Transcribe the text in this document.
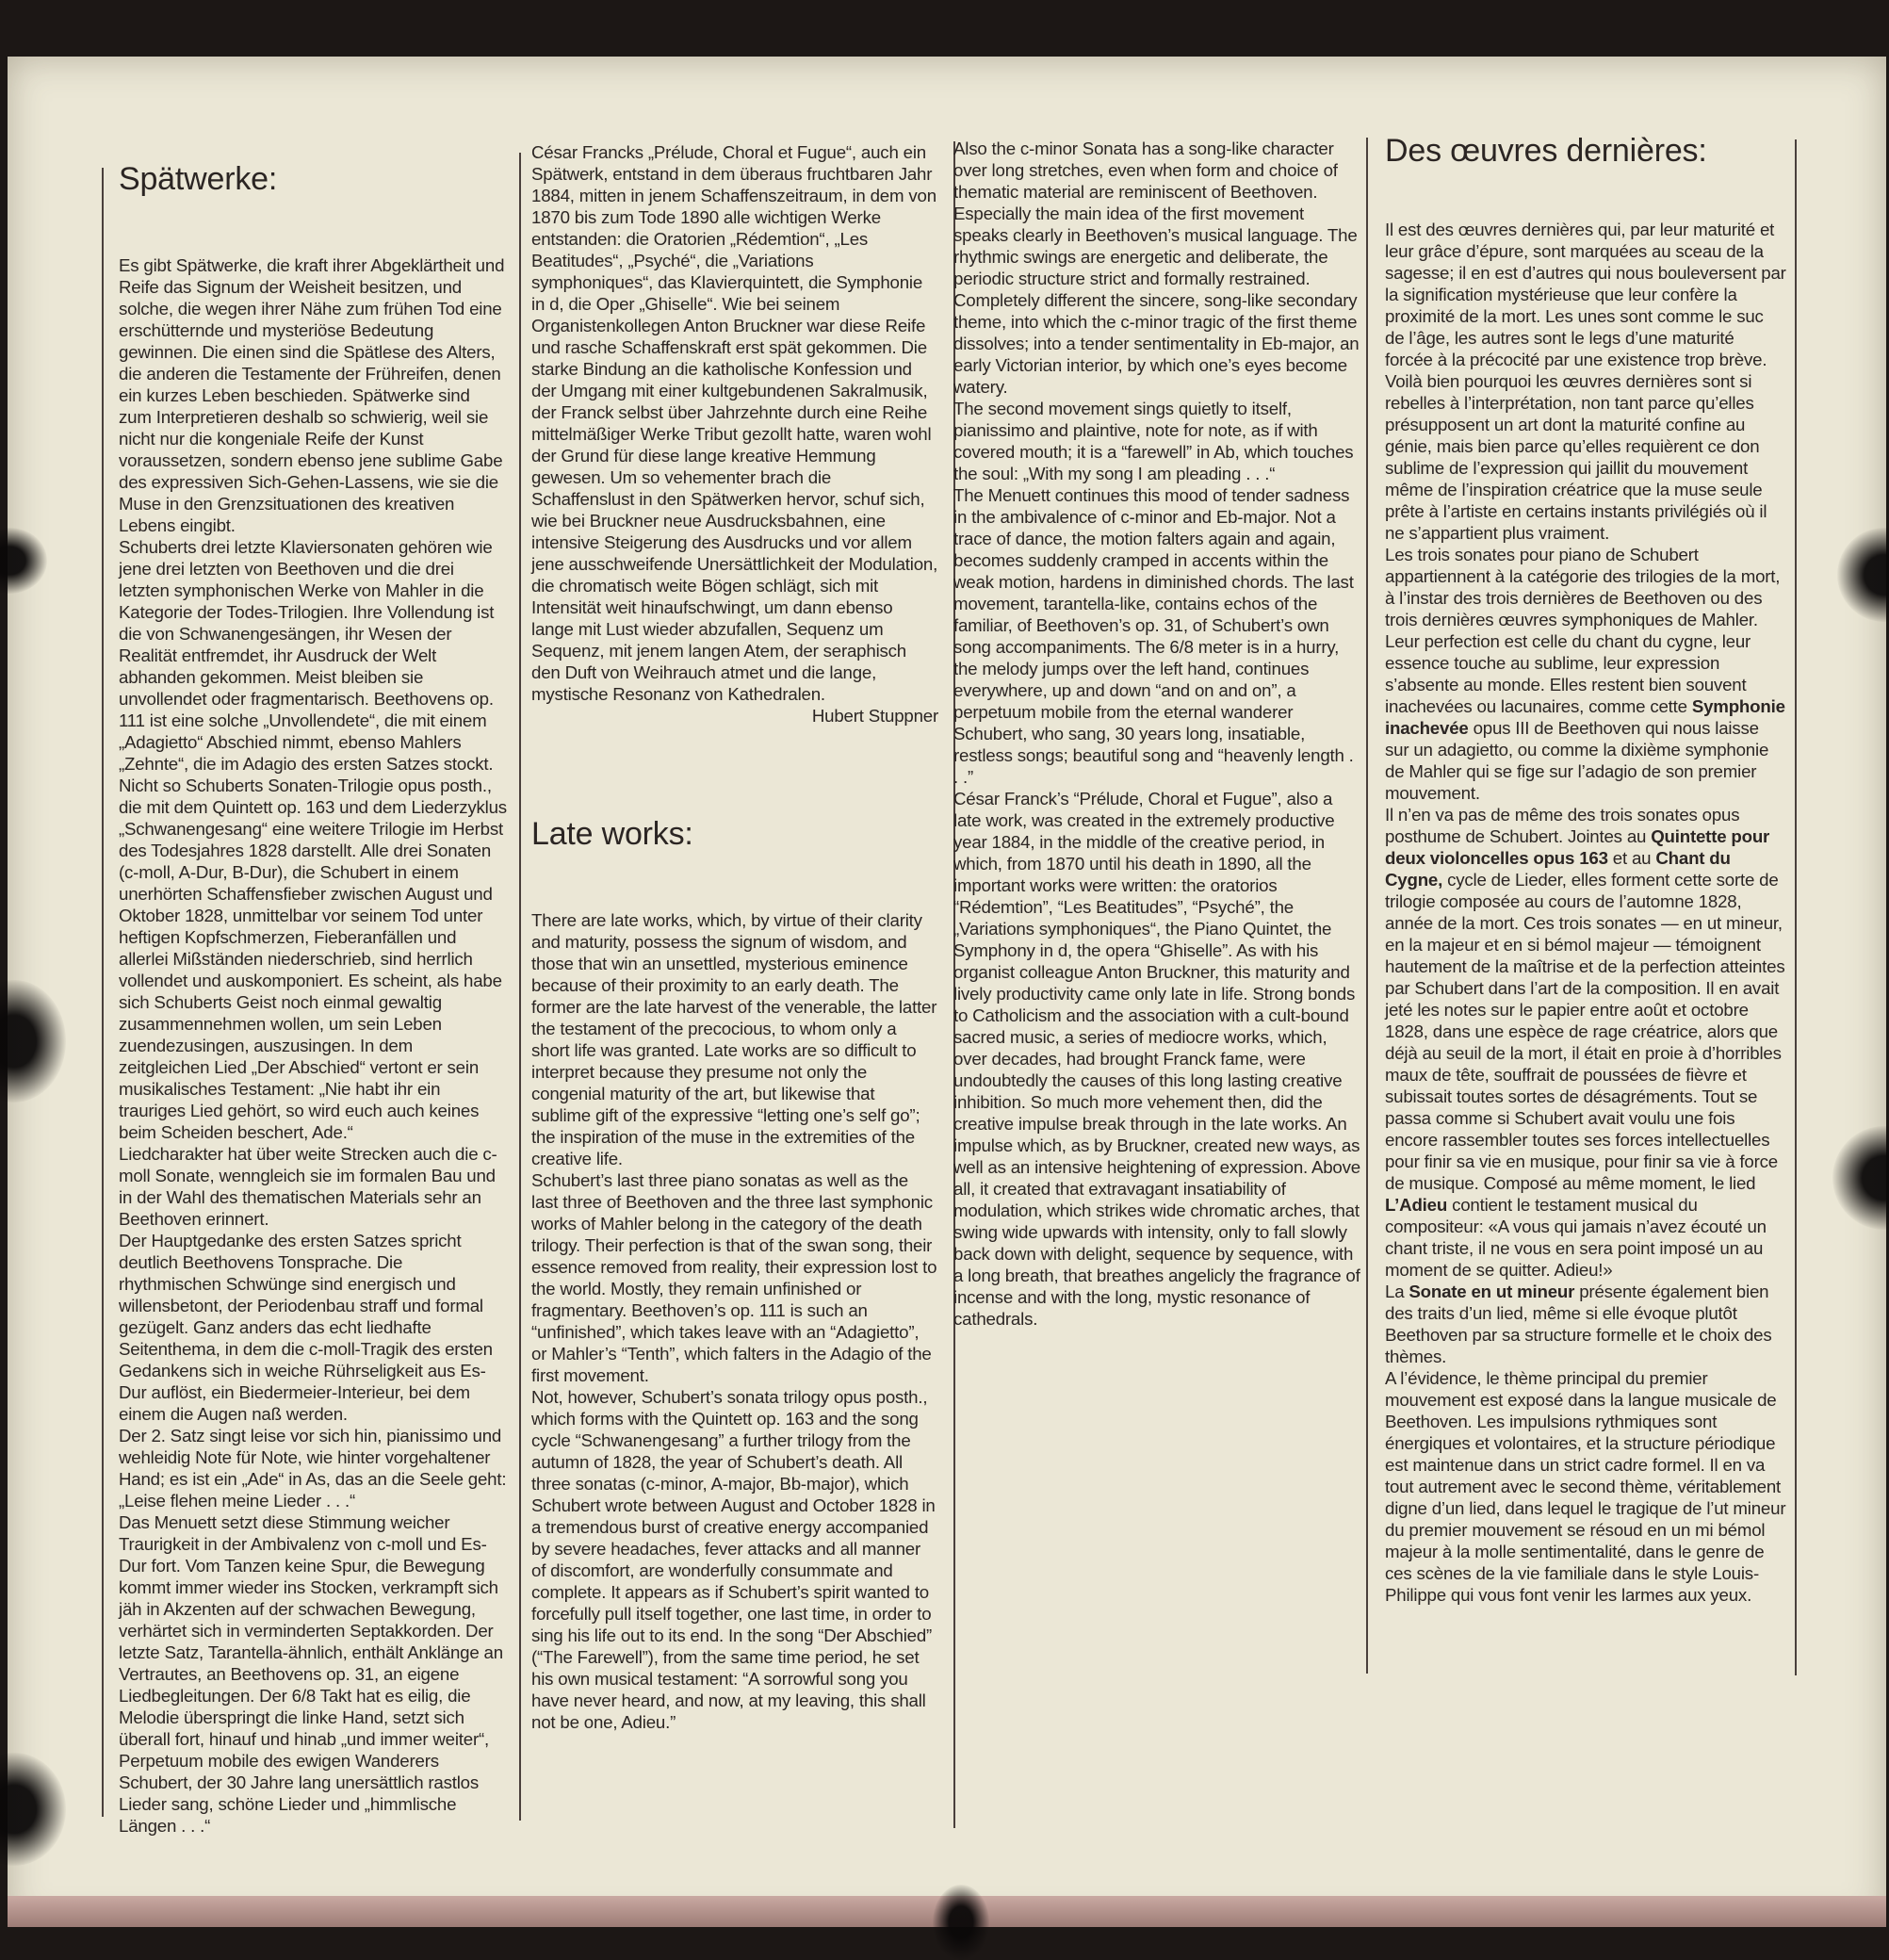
Spätwerke:

Es gibt Spätwerke, die kraft ihrer Abgeklärtheit und Reife das Signum der Weisheit besitzen, und solche, die wegen ihrer Nähe zum frühen Tod eine erschütternde und mysteriöse Bedeutung gewinnen. Die einen sind die Spätlese des Alters, die anderen die Testamente der Frühreifen, denen ein kurzes Leben beschieden. Spätwerke sind zum Interpretieren deshalb so schwierig, weil sie nicht nur die kongeniale Reife der Kunst voraussetzen, sondern ebenso jene sublime Gabe des expressiven Sich-Gehen-Lassens, wie sie die Muse in den Grenzsituationen des kreativen Lebens eingibt.
Schuberts drei letzte Klaviersonaten gehören wie jene drei letzten von Beethoven und die drei letzten symphonischen Werke von Mahler in die Kategorie der Todes-Trilogien. Ihre Vollendung ist die von Schwanengesängen, ihr Wesen der Realität entfremdet, ihr Ausdruck der Welt abhanden gekommen. Meist bleiben sie unvollendet oder fragmentarisch. Beethovens op. 111 ist eine solche „Unvollendete“, die mit einem „Adagietto“ Abschied nimmt, ebenso Mahlers „Zehnte“, die im Adagio des ersten Satzes stockt.
Nicht so Schuberts Sonaten-Trilogie opus posth., die mit dem Quintett op. 163 und dem Liederzyklus „Schwanengesang“ eine weitere Trilogie im Herbst des Todesjahres 1828 darstellt. Alle drei Sonaten (c-moll, A-Dur, B-Dur), die Schubert in einem unerhörten Schaffensfieber zwischen August und Oktober 1828, unmittelbar vor seinem Tod unter heftigen Kopfschmerzen, Fieberanfällen und allerlei Mißständen niederschrieb, sind herrlich vollendet und auskomponiert. Es scheint, als habe sich Schuberts Geist noch einmal gewaltig zusammennehmen wollen, um sein Leben zuendezusingen, auszusingen. In dem zeitgleichen Lied „Der Abschied“ vertont er sein musikalisches Testament: „Nie habt ihr ein trauriges Lied gehört, so wird euch auch keines beim Scheiden beschert, Ade.“
Liedcharakter hat über weite Strecken auch die c-moll Sonate, wenngleich sie im formalen Bau und in der Wahl des thematischen Materials sehr an Beethoven erinnert.
Der Hauptgedanke des ersten Satzes spricht deutlich Beethovens Tonsprache. Die rhythmischen Schwünge sind energisch und willensbetont, der Periodenbau straff und formal gezügelt. Ganz anders das echt liedhafte Seitenthema, in dem die c-moll-Tragik des ersten Gedankens sich in weiche Rührseligkeit aus Es-Dur auflöst, ein Biedermeier-Interieur, bei dem einem die Augen naß werden.
Der 2. Satz singt leise vor sich hin, pianissimo und wehleidig Note für Note, wie hinter vorgehaltener Hand; es ist ein „Ade“ in As, das an die Seele geht: „Leise flehen meine Lieder . . .“
Das Menuett setzt diese Stimmung weicher Traurigkeit in der Ambivalenz von c-moll und Es-Dur fort. Vom Tanzen keine Spur, die Bewegung kommt immer wieder ins Stocken, verkrampft sich jäh in Akzenten auf der schwachen Bewegung, verhärtet sich in verminderten Septakkorden. Der letzte Satz, Tarantella-ähnlich, enthält Anklänge an Vertrautes, an Beethovens op. 31, an eigene Liedbegleitungen. Der 6/8 Takt hat es eilig, die Melodie überspringt die linke Hand, setzt sich überall fort, hinauf und hinab „und immer weiter“, Perpetuum mobile des ewigen Wanderers Schubert, der 30 Jahre lang unersättlich rastlos Lieder sang, schöne Lieder und „himmlische Längen . . .“

César Francks „Prélude, Choral et Fugue“, auch ein Spätwerk, entstand in dem überaus fruchtbaren Jahr 1884, mitten in jenem Schaffenszeitraum, in dem von 1870 bis zum Tode 1890 alle wichtigen Werke entstanden: die Oratorien „Rédemtion“, „Les Beatitudes“, „Psyché“, die „Variations symphoniques“, das Klavierquintett, die Symphonie in d, die Oper „Ghiselle“. Wie bei seinem Organistenkollegen Anton Bruckner war diese Reife und rasche Schaffenskraft erst spät gekommen. Die starke Bindung an die katholische Konfession und der Umgang mit einer kultgebundenen Sakralmusik, der Franck selbst über Jahrzehnte durch eine Reihe mittelmäßiger Werke Tribut gezollt hatte, waren wohl der Grund für diese lange kreative Hemmung gewesen. Um so vehementer brach die Schaffenslust in den Spätwerken hervor, schuf sich, wie bei Bruckner neue Ausdrucksbahnen, eine intensive Steigerung des Ausdrucks und vor allem jene ausschweifende Unersättlichkeit der Modulation, die chromatisch weite Bögen schlägt, sich mit Intensität weit hinaufschwingt, um dann ebenso lange mit Lust wieder abzufallen, Sequenz um Sequenz, mit jenem langen Atem, der seraphisch den Duft von Weihrauch atmet und die lange, mystische Resonanz von Kathedralen.

Hubert Stuppner

Late works:

There are late works, which, by virtue of their clarity and maturity, possess the signum of wisdom, and those that win an unsettled, mysterious eminence because of their proximity to an early death. The former are the late harvest of the venerable, the latter the testament of the precocious, to whom only a short life was granted. Late works are so difficult to interpret because they presume not only the congenial maturity of the art, but likewise that sublime gift of the expressive “letting one’s self go”; the inspiration of the muse in the extremities of the creative life.
Schubert’s last three piano sonatas as well as the last three of Beethoven and the three last symphonic works of Mahler belong in the category of the death trilogy. Their perfection is that of the swan song, their essence removed from reality, their expression lost to the world. Mostly, they remain unfinished or fragmentary. Beethoven’s op. 111 is such an “unfinished”, which takes leave with an “Adagietto”, or Mahler’s “Tenth”, which falters in the Adagio of the first movement.
Not, however, Schubert’s sonata trilogy opus posth., which forms with the Quintett op. 163 and the song cycle “Schwanengesang” a further trilogy from the autumn of 1828, the year of Schubert’s death. All three sonatas (c-minor, A-major, Bb-major), which Schubert wrote between August and October 1828 in a tremendous burst of creative energy accompanied by severe headaches, fever attacks and all manner of discomfort, are wonderfully consummate and complete. It appears as if Schubert’s spirit wanted to forcefully pull itself together, one last time, in order to sing his life out to its end. In the song “Der Abschied” (“The Farewell”), from the same time period, he set his own musical testament: “A sorrowful song you have never heard, and now, at my leaving, this shall not be one, Adieu.”

Also the c-minor Sonata has a song-like character over long stretches, even when form and choice of thematic material are reminiscent of Beethoven. Especially the main idea of the first movement speaks clearly in Beethoven’s musical language. The rhythmic swings are energetic and deliberate, the periodic structure strict and formally restrained. Completely different the sincere, song-like secondary theme, into which the c-minor tragic of the first theme dissolves; into a tender sentimentality in Eb-major, an early Victorian interior, by which one’s eyes become watery.
The second movement sings quietly to itself, pianissimo and plaintive, note for note, as if with covered mouth; it is a “farewell” in Ab, which touches the soul: „With my song I am pleading . . .“
The Menuett continues this mood of tender sadness in the ambivalence of c-minor and Eb-major. Not a trace of dance, the motion falters again and again, becomes suddenly cramped in accents within the weak motion, hardens in diminished chords. The last movement, tarantella-like, contains echos of the familiar, of Beethoven’s op. 31, of Schubert’s own song accompaniments. The 6/8 meter is in a hurry, the melody jumps over the left hand, continues everywhere, up and down “and on and on”, a perpetuum mobile from the eternal wanderer Schubert, who sang, 30 years long, insatiable, restless songs; beautiful song and “heavenly length . . .”
César Franck’s “Prélude, Choral et Fugue”, also a late work, was created in the extremely productive year 1884, in the middle of the creative period, in which, from 1870 until his death in 1890, all the important works were written: the oratorios “Rédemtion”, “Les Beatitudes”, “Psyché”, the „Variations symphoniques“, the Piano Quintet, the Symphony in d, the opera “Ghiselle”. As with his organist colleague Anton Bruckner, this maturity and lively productivity came only late in life. Strong bonds to Catholicism and the association with a cult-bound sacred music, a series of mediocre works, which, over decades, had brought Franck fame, were undoubtedly the causes of this long lasting creative inhibition. So much more vehement then, did the creative impulse break through in the late works. An impulse which, as by Bruckner, created new ways, as well as an intensive heightening of expression. Above all, it created that extravagant insatiability of modulation, which strikes wide chromatic arches, that swing wide upwards with intensity, only to fall slowly back down with delight, sequence by sequence, with a long breath, that breathes angelicly the fragrance of incense and with the long, mystic resonance of cathedrals.

Des œuvres dernières:

Il est des œuvres dernières qui, par leur maturité et leur grâce d’épure, sont marquées au sceau de la sagesse; il en est d’autres qui nous bouleversent par la signification mystérieuse que leur confère la proximité de la mort. Les unes sont comme le suc de l’âge, les autres sont le legs d’une maturité forcée à la précocité par une existence trop brève. Voilà bien pourquoi les œuvres dernières sont si rebelles à l’interprétation, non tant parce qu’elles présupposent un art dont la maturité confine au génie, mais bien parce qu’elles requièrent ce don sublime de l’expression qui jaillit du mouvement même de l’inspiration créatrice que la muse seule prête à l’artiste en certains instants privilégiés où il ne s’appartient plus vraiment.
Les trois sonates pour piano de Schubert appartiennent à la catégorie des trilogies de la mort, à l’instar des trois dernières de Beethoven ou des trois dernières œuvres symphoniques de Mahler. Leur perfection est celle du chant du cygne, leur essence touche au sublime, leur expression s’absente au monde. Elles restent bien souvent inachevées ou lacunaires, comme cette Symphonie inachevée opus III de Beethoven qui nous laisse sur un adagietto, ou comme la dixième symphonie de Mahler qui se fige sur l’adagio de son premier mouvement.
Il n’en va pas de même des trois sonates opus posthume de Schubert. Jointes au Quintette pour deux violoncelles opus 163 et au Chant du Cygne, cycle de Lieder, elles forment cette sorte de trilogie composée au cours de l’automne 1828, année de la mort. Ces trois sonates — en ut mineur, en la majeur et en si bémol majeur — témoignent hautement de la maîtrise et de la perfection atteintes par Schubert dans l’art de la composition. Il en avait jeté les notes sur le papier entre août et octobre 1828, dans une espèce de rage créatrice, alors que déjà au seuil de la mort, il était en proie à d’horribles maux de tête, souffrait de poussées de fièvre et subissait toutes sortes de désagréments. Tout se passa comme si Schubert avait voulu une fois encore rassembler toutes ses forces intellectuelles pour finir sa vie en musique, pour finir sa vie à force de musique. Composé au même moment, le lied L’Adieu contient le testament musical du compositeur: «A vous qui jamais n’avez écouté un chant triste, il ne vous en sera point imposé un au moment de se quitter. Adieu!»
La Sonate en ut mineur présente également bien des traits d’un lied, même si elle évoque plutôt Beethoven par sa structure formelle et le choix des thèmes.
A l’évidence, le thème principal du premier mouvement est exposé dans la langue musicale de Beethoven. Les impulsions rythmiques sont énergiques et volontaires, et la structure périodique est maintenue dans un strict cadre formel. Il en va tout autrement avec le second thème, véritablement digne d’un lied, dans lequel le tragique de l’ut mineur du premier mouvement se résoud en un mi bémol majeur à la molle sentimentalité, dans le genre de ces scènes de la vie familiale dans le style Louis-Philippe qui vous font venir les larmes aux yeux.
